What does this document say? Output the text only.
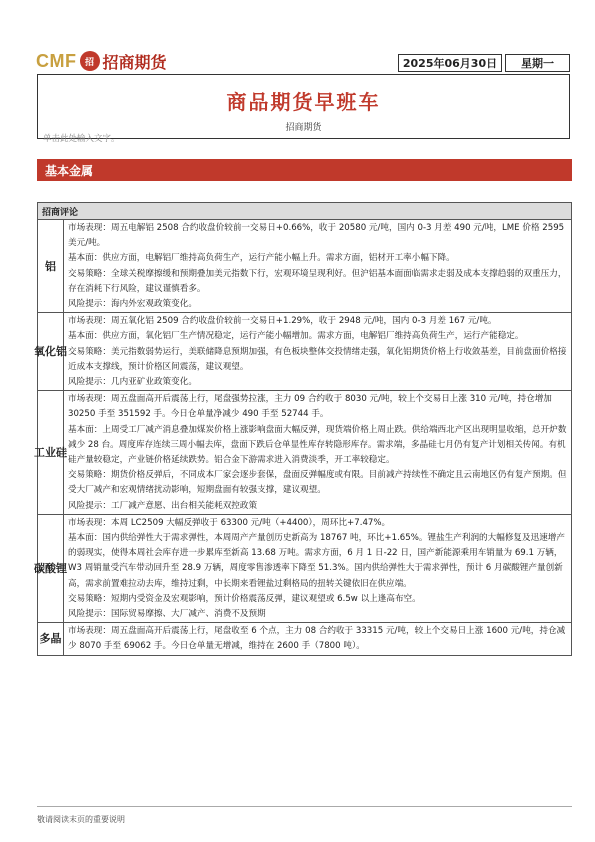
CMF 招 招商期货	2025年06月30日	星期一
商品期货早班车
招商期货
单击此处输入文字。
基本金属
招商评论
铝

市场表现：周五电解铝 2508 合约收盘价较前一交易日+0.66%，收于 20580 元/吨，国内 0-3 月差 490 元/吨，LME 价格 2595 美元/吨。

基本面：供应方面，电解铝厂维持高负荷生产，运行产能小幅上升。需求方面，铝材开工率小幅下降。

交易策略：全球关税摩擦缓和预期叠加美元指数下行，宏观环境呈现利好。但沪铝基本面面临需求走弱及成本支撑趋弱的双重压力，存在消耗下行风险，建议谨慎看多。

风险提示：海内外宏观政策变化。

氧 化 铝

市场表现：周五氧化铝 2509 合约收盘价较前一交易日+1.29%，收于 2948 元/吨，国内 0-3 月差 167 元/吨。

基本面：供应方面，氧化铝厂生产情况稳定，运行产能小幅增加。需求方面，电解铝厂维持高负荷生产，运行产能稳定。

交易策略：美元指数弱势运行，美联储降息预期加强，有色板块整体交投情绪走强，氧化铝期货价格上行收敛基差，目前盘面价格接近成本支撑线，预计价格区间震荡，建议观望。

风险提示：几内亚矿业政策变化。

工 业 硅

市场表现：周五盘面高开后震荡上行，尾盘强势拉涨，主力 09 合约收于 8030 元/吨，较上个交易日上涨 310 元/吨，持仓增加 30250 手至 351592 手。今日仓单量净减少 490 手至 52744 手。

基本面：上周受工厂减产消息叠加煤炭价格上涨影响盘面大幅反弹，现货端价格上周止跌。供给端西北产区出现明显收缩，总开炉数减少 28 台。周度库存连续三周小幅去库，盘面下跌后仓单显性库存转隐形库存。需求端，多晶硅七月仍有复产计划相关传闻。有机硅产量较稳定，产业链价格延续跌势。铝合金下游需求进入消费淡季，开工率较稳定。

交易策略：期货价格反弹后，不同成本厂家会逐步套保，盘面反弹幅度或有限。目前减产持续性不确定且云南地区仍有复产预期。但受大厂减产和宏观情绪扰动影响，短期盘面有较强支撑，建议观望。

风险提示：工厂减产意愿、出台相关能耗双控政策

碳 酸 锂

市场表现：本周 LC2509 大幅反弹收于 63300 元/吨（+4400），周环比+7.47%。

基本面：国内供给弹性大于需求弹性，本周周产产量创历史新高为 18767 吨，环比+1.65%。锂盐生产利润的大幅修复及迅速增产的弱现实，使得本周社会库存进一步累库至新高 13.68 万吨。需求方面，6 月 1 日-22 日，国产新能源乘用车销量为 69.1 万辆，W3 周销量受汽车带动回升至 28.9 万辆，周度零售渗透率下降至 51.3%。国内供给弹性大于需求弹性，预计 6 月碳酸锂产量创新高，需求前置难拉动去库，维持过剩，中长期来看锂盐过剩格局的扭转关键依旧在供应端。

交易策略：短期内受资金及宏观影响，预计价格震荡反弹，建议观望或 6.5w 以上逢高布空。

风险提示：国际贸易摩擦、大厂减产、消费不及预期

多 晶

市场表现：周五盘面高开后震荡上行，尾盘收至 6 个点，主力 08 合约收于 33315 元/吨，较上个交易日上涨 1600 元/吨，持仓减少 8070 手至 69062 手。今日仓单量无增减，维持在 2600 手（7800 吨）。

敬请阅读末页的重要说明
